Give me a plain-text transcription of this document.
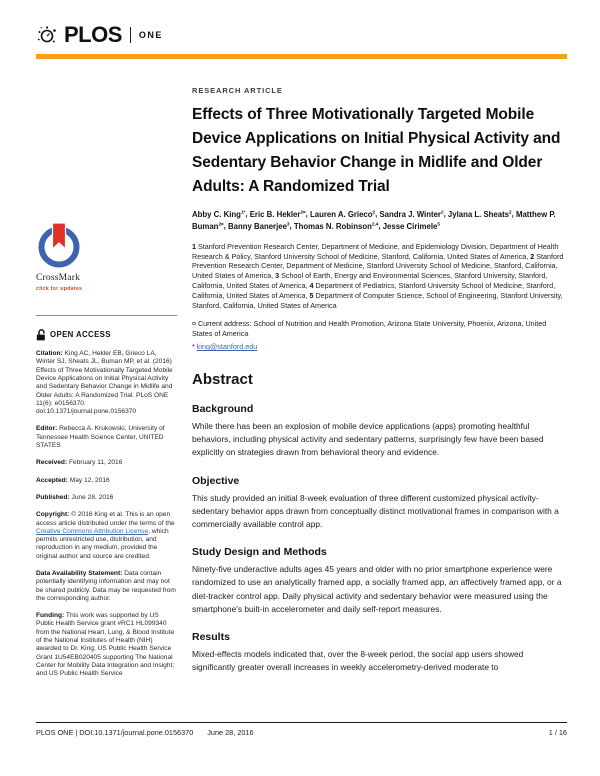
PLOS ONE
CrossMark
click for updates
OPEN ACCESS

Citation: King AC, Hekler EB, Grieco LA, Winter SJ, Sheats JL, Buman MP, et al. (2016) Effects of Three Motivationally Targeted Mobile Device Applications on Initial Physical Activity and Sedentary Behavior Change in Midlife and Older Adults: A Randomized Trial. PLoS ONE 11(6): e0156370. doi:10.1371/journal.pone.0156370

Editor: Rebecca A. Krukowski, University of Tennessee Health Science Center, UNITED STATES

Received: February 11, 2016

Accepted: May 12, 2016

Published: June 28, 2016

Copyright: © 2016 King et al. This is an open access article distributed under the terms of the Creative Commons Attribution License, which permits unrestricted use, distribution, and reproduction in any medium, provided the original author and source are credited.

Data Availability Statement: Data contain potentially identifying information and may not be shared publicly. Data may be requested from the corresponding author.

Funding: This work was supported by US Public Health Service grant #RC1 HL099340 from the National Heart, Lung, & Blood Institute of the National Institutes of Health (NIH) awarded to Dr. King; US Public Health Service Grant 1U54EB020405 supporting The National Center for Mobility Data Integration and Insight; and US Public Health Service

RESEARCH ARTICLE
Effects of Three Motivationally Targeted Mobile Device Applications on Initial Physical Activity and Sedentary Behavior Change in Midlife and Older Adults: A Randomized Trial

Abby C. King$^{1*}$, Eric B. Hekler$^{2¤}$, Lauren A. Grieco$^2$, Sandra J. Winter$^2$, Jylana L. Sheats$^2$, Matthew P. Buman$^{2¤}$, Banny Banerjee$^3$, Thomas N. Robinson$^{2,4}$, Jesse Cirimele$^5$

1 Stanford Prevention Research Center, Department of Medicine, and Epidemiology Division, Department of Health Research & Policy, Stanford University School of Medicine, Stanford, California, United States of America, 2 Stanford Prevention Research Center, Department of Medicine, Stanford University School of Medicine, Stanford, California, United States of America, 3 School of Earth, Energy and Environmental Sciences, Stanford University, Stanford, California, United States of America, 4 Department of Pediatrics, Stanford University School of Medicine, Stanford, California, United States of America, 5 Department of Computer Science, School of Engineering, Stanford University, Stanford, California, United States of America

¤ Current address: School of Nutrition and Health Promotion, Arizona State University, Phoenix, Arizona, United States of America

* king@stanford.edu

Abstract
Background

While there has been an explosion of mobile device applications (apps) promoting healthful behaviors, including physical activity and sedentary patterns, surprisingly few have been based explicitly on strategies drawn from behavioral theory and evidence.

Objective

This study provided an initial 8-week evaluation of three different customized physical activity-sedentary behavior apps drawn from conceptually distinct motivational frames in comparison with a commercially available control app.

Study Design and Methods

Ninety-five underactive adults ages 45 years and older with no prior smartphone experience were randomized to use an analytically framed app, a socially framed app, an affectively framed app, or a diet-tracker control app. Daily physical activity and sedentary behavior were measured using the smartphone's built-in accelerometer and daily self-report measures.

Results

Mixed-effects models indicated that, over the 8-week period, the social app users showed significantly greater overall increases in weekly accelerometry-derived moderate to

PLOS ONE | DOI:10.1371/journal.pone.0156370 June 28, 2016	1 / 16
